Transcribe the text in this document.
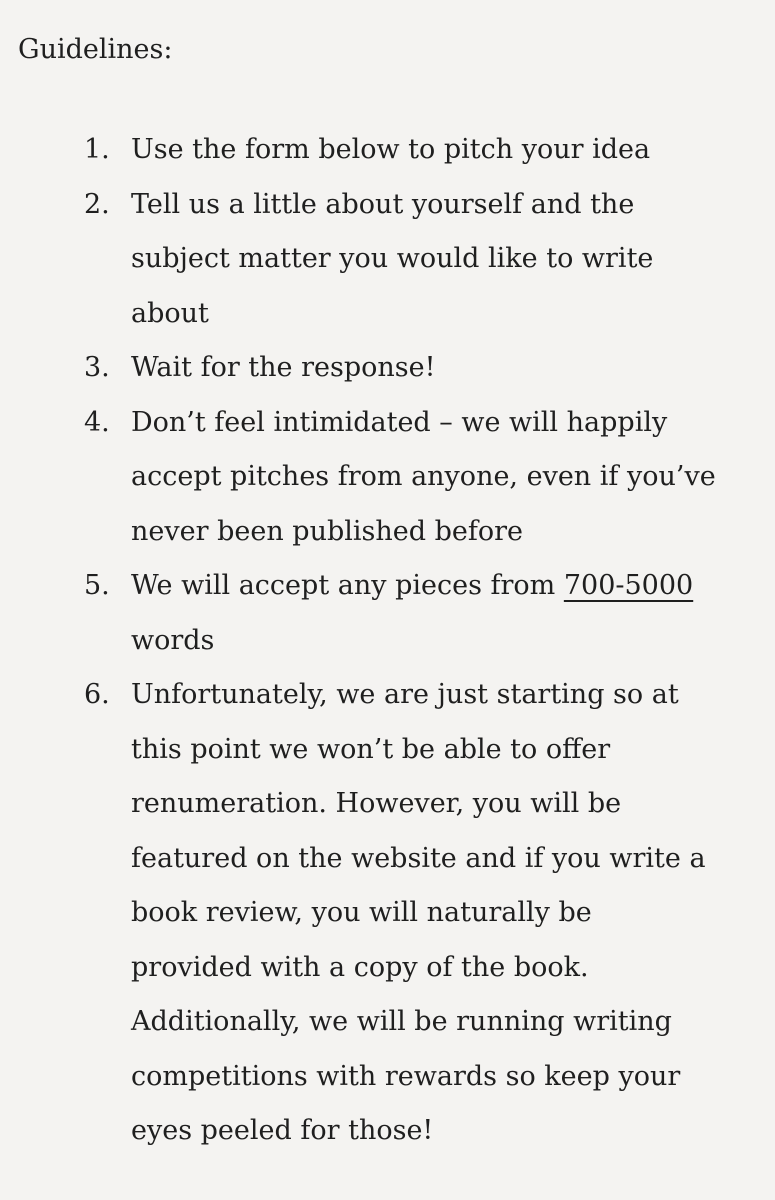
Guidelines:
1. Use the form below to pitch your idea
2. Tell us a little about yourself and the
subject matter you would like to write
about
3. Wait for the response!
4. Don’t feel intimidated – we will happily
accept pitches from anyone, even if you’ve
never been published before
5. We will accept any pieces from 700-5000
words
6. Unfortunately, we are just starting so at
this point we won’t be able to offer
renumeration. However, you will be
featured on the website and if you write a
book review, you will naturally be
provided with a copy of the book.
Additionally, we will be running writing
competitions with rewards so keep your
eyes peeled for those!
